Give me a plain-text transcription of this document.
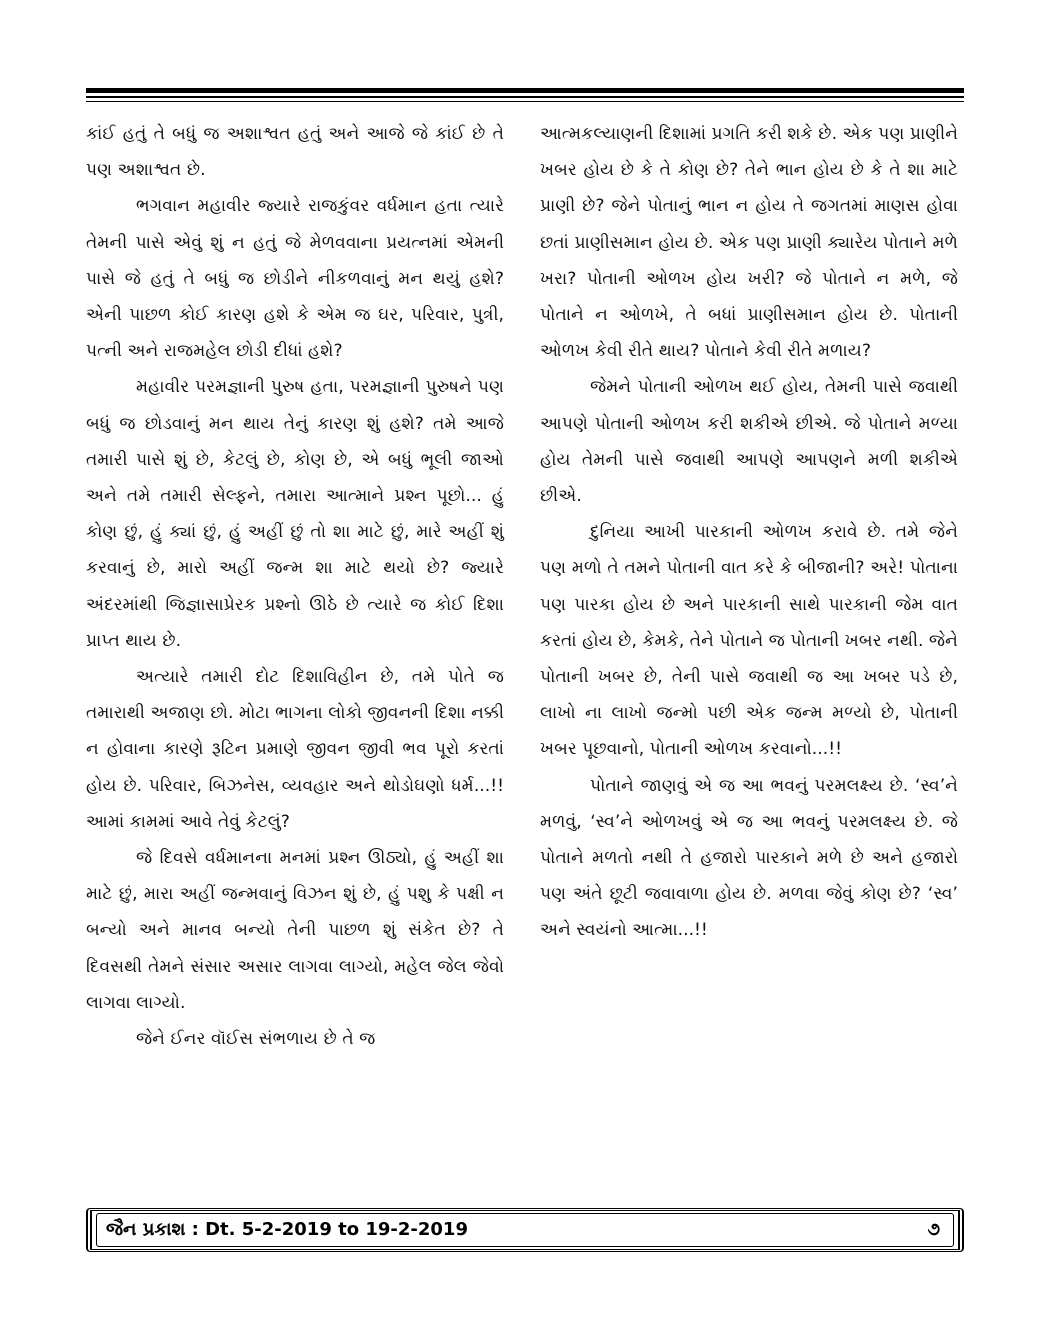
કાંઈ હતું તે બધું જ અશાશ્વત હતું અને આજે જે કાંઈ છે તે પણ અશાશ્વત છે.

ભગવાન મહાવીર જ્યારે રાજકુંવર વર્ધમાન હતા ત્યારે તેમની પાસે એવું શું ન હતું જે મેળવવાના પ્રયત્નમાં એમની પાસે જે હતું તે બધું જ છોડીને નીકળવાનું મન થયું હશે? એની પાછળ કોઈ કારણ હશે કે એમ જ ઘર, પરિવાર, પુત્રી, પત્ની અને રાજમહેલ છોડી દીધાં હશે?

મહાવીર પરમજ્ઞાની પુરુષ હતા, પરમજ્ઞાની પુરુષને પણ બધું જ છોડવાનું મન થાય તેનું કારણ શું હશે? તમે આજે તમારી પાસે શું છે, કેટલું છે, કોણ છે, એ બધું ભૂલી જાઓ અને તમે તમારી સેલ્ફને, તમારા આત્માને પ્રશ્ન પૂછો... હું કોણ છું, હું ક્યાં છું, હું અહીં છું તો શા માટે છું, મારે અહીં શું કરવાનું છે, મારો અહીં જન્મ શા માટે થયો છે? જ્યારે અંદરમાંથી જિજ્ઞાસાપ્રેરક પ્રશ્નો ઊઠે છે ત્યારે જ કોઈ દિશા પ્રાપ્ત થાય છે.

અત્યારે તમારી દોટ દિશાવિહીન છે, તમે પોતે જ તમારાથી અજાણ છો. મોટા ભાગના લોકો જીવનની દિશા નક્કી ન હોવાના કારણે રૂટિન પ્રમાણે જીવન જીવી ભવ પૂરો કરતાં હોય છે. પરિવાર, બિઝનેસ, વ્યવહાર અને થોડોઘણો ધર્મ...!! આમાં કામમાં આવે તેવું કેટલું?

જે દિવસે વર્ધમાનના મનમાં પ્રશ્ન ઊઠ્યો, હું અહીં શા માટે છું, મારા અહીં જન્મવાનું વિઝન શું છે, હું પશુ કે પક્ષી ન બન્યો અને માનવ બન્યો તેની પાછળ શું સંકેત છે? તે દિવસથી તેમને સંસાર અસાર લાગવા લાગ્યો, મહેલ જેલ જેવો લાગવા લાગ્યો.

જેને ઈનર વૉઈસ સંભળાય છે તે જ

આત્મકલ્યાણની દિશામાં પ્રગતિ કરી શકે છે. એક પણ પ્રાણીને ખબર હોય છે કે તે કોણ છે? તેને ભાન હોય છે કે તે શા માટે પ્રાણી છે? જેને પોતાનું ભાન ન હોય તે જગતમાં માણસ હોવા છતાં પ્રાણીસમાન હોય છે. એક પણ પ્રાણી ક્યારેય પોતાને મળે ખરા? પોતાની ઓળખ હોય ખરી? જે પોતાને ન મળે, જે પોતાને ન ઓળખે, તે બધાં પ્રાણીસમાન હોય છે. પોતાની ઓળખ કેવી રીતે થાય? પોતાને કેવી રીતે મળાય?

જેમને પોતાની ઓળખ થઈ હોય, તેમની પાસે જવાથી આપણે પોતાની ઓળખ કરી શકીએ છીએ. જે પોતાને મળ્યા હોય તેમની પાસે જવાથી આપણે આપણને મળી શકીએ છીએ.

દુનિયા આખી પારકાની ઓળખ કરાવે છે. તમે જેને પણ મળો તે તમને પોતાની વાત કરે કે બીજાની? અરે! પોતાના પણ પારકા હોય છે અને પારકાની સાથે પારકાની જેમ વાત કરતાં હોય છે, કેમકે, તેને પોતાને જ પોતાની ખબર નથી. જેને પોતાની ખબર છે, તેની પાસે જવાથી જ આ ખબર પડે છે, લાખો ના લાખો જન્મો પછી એક જન્મ મળ્યો છે, પોતાની ખબર પૂછવાનો, પોતાની ઓળખ કરવાનો...!!

પોતાને જાણવું એ જ આ ભવનું પરમલક્ષ્ય છે. ‘સ્વ’ને મળવું, ‘સ્વ’ને ઓળખવું એ જ આ ભવનું પરમલક્ષ્ય છે. જે પોતાને મળતો નથી તે હજારો પારકાને મળે છે અને હજારો પણ અંતે છૂટી જવાવાળા હોય છે. મળવા જેવું કોણ છે? ‘સ્વ’ અને સ્વયંનો આત્મા...!!

જૈન પ્રકાશ : Dt. 5-2-2019 to 19-2-2019	૭
